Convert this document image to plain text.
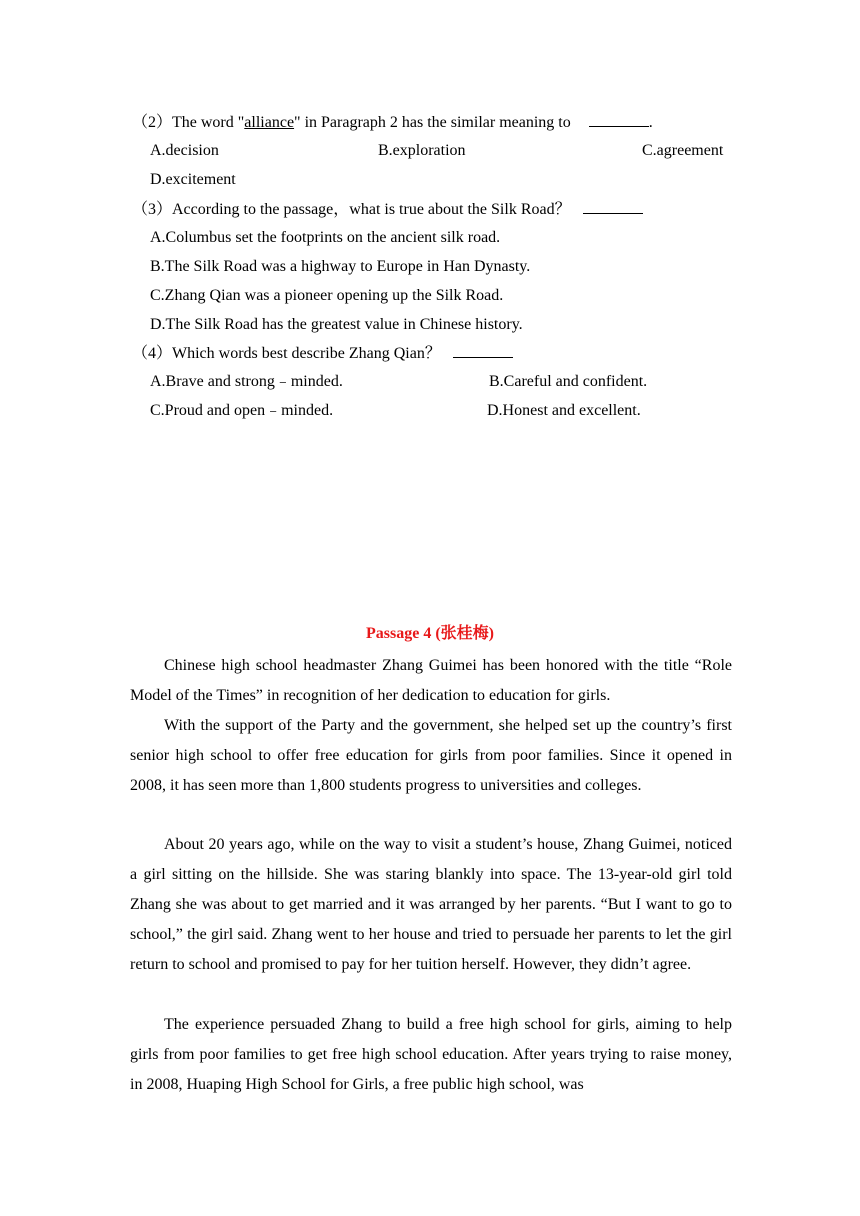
（2）The word "alliance" in Paragraph 2 has the similar meaning to	.
A.decision	B.exploration	C.agreement
D.excitement
（3）According to the passage，what is true about the Silk Road？
A.Columbus set the footprints on the ancient silk road.
B.The Silk Road was a highway to Europe in Han Dynasty.
C.Zhang Qian was a pioneer opening up the Silk Road.
D.The Silk Road has the greatest value in Chinese history.
（4）Which words best describe Zhang Qian？
A.Brave and strong﹣minded.	B.Careful and confident.
C.Proud and open﹣minded.	D.Honest and excellent.
Passage 4 (张桂梅)

Chinese high school headmaster Zhang Guimei has been honored with the title “Role Model of the Times” in recognition of her dedication to education for girls.

With the support of the Party and the government, she helped set up the country’s first senior high school to offer free education for girls from poor families. Since it opened in 2008, it has seen more than 1,800 students progress to universities and colleges.

About 20 years ago, while on the way to visit a student’s house, Zhang Guimei, noticed a girl sitting on the hillside. She was staring blankly into space. The 13-year-old girl told Zhang she was about to get married and it was arranged by her parents. “But I want to go to school,” the girl said. Zhang went to her house and tried to persuade her parents to let the girl return to school and promised to pay for her tuition herself. However, they didn’t agree.

The experience persuaded Zhang to build a free high school for girls, aiming to help girls from poor families to get free high school education. After years trying to raise money, in 2008, Huaping High School for Girls, a free public high school, was
